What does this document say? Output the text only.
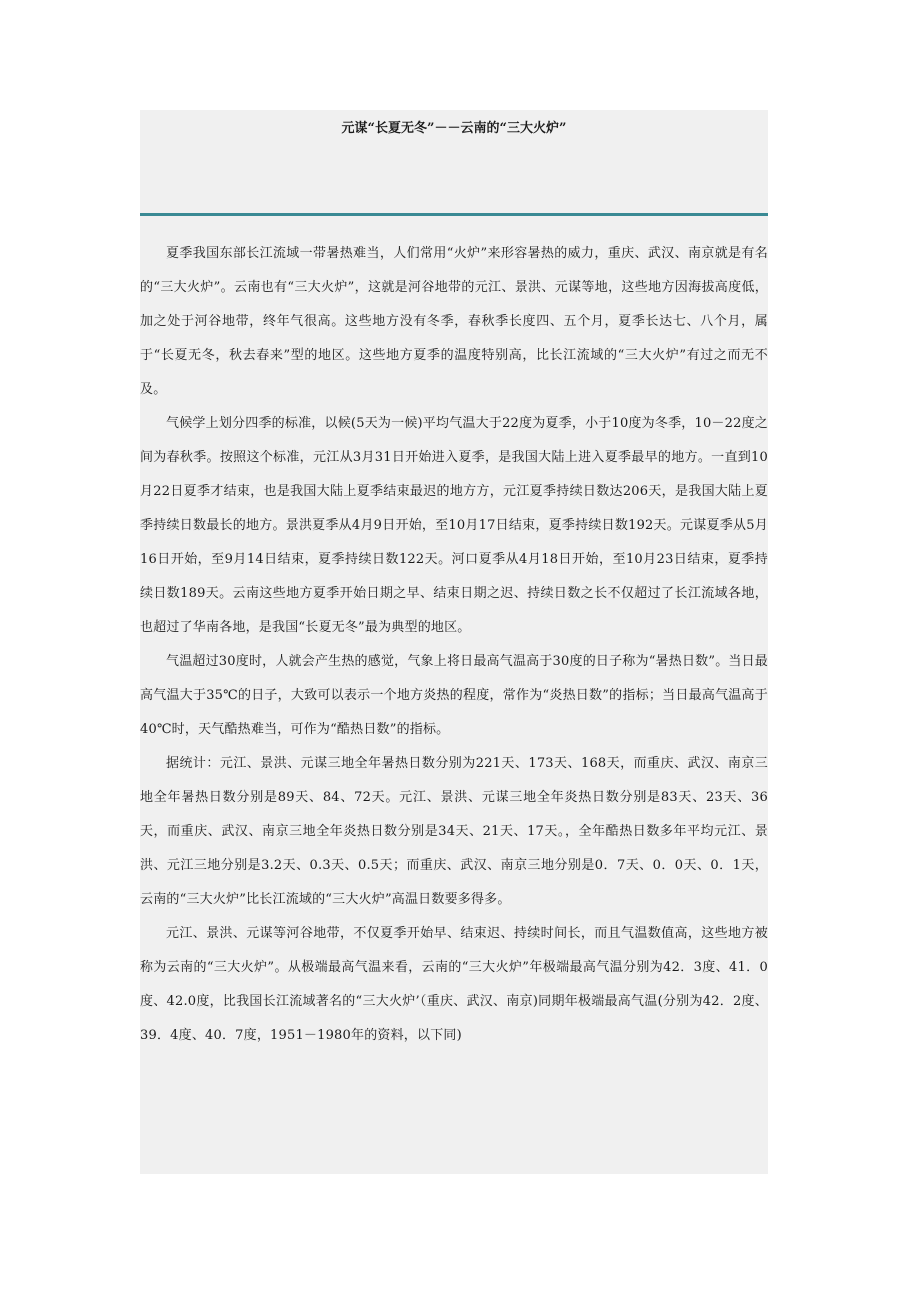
元谋“长夏无冬”－－云南的“三大火炉”

夏季我国东部长江流域一带暑热难当，人们常用“火炉”来形容暑热的威力，重庆、武汉、南京就是有名的“三大火炉”。云南也有“三大火炉”，这就是河谷地带的元江、景洪、元谋等地，这些地方因海拔高度低，加之处于河谷地带，终年气很高。这些地方没有冬季，春秋季长度四、五个月，夏季长达七、八个月，属于“长夏无冬，秋去春来”型的地区。这些地方夏季的温度特别高，比长江流域的“三大火炉”有过之而无不及。

气候学上划分四季的标准，以候(5天为一候)平均气温大于22度为夏季，小于10度为冬季，10－22度之间为春秋季。按照这个标准，元江从3月31日开始进入夏季，是我国大陆上进入夏季最早的地方。一直到10月22日夏季才结束，也是我国大陆上夏季结束最迟的地方方，元江夏季持续日数达206天，是我国大陆上夏季持续日数最长的地方。景洪夏季从4月9日开始，至10月17日结束，夏季持续日数192天。元谋夏季从5月16日开始，至9月14日结束，夏季持续日数122天。河口夏季从4月18日开始，至10月23日结束，夏季持续日数189天。云南这些地方夏季开始日期之早、结束日期之迟、持续日数之长不仅超过了长江流域各地，也超过了华南各地，是我国“长夏无冬”最为典型的地区。

气温超过30度时，人就会产生热的感觉，气象上将日最高气温高于30度的日子称为“暑热日数”。当日最高气温大于35℃的日子，大致可以表示一个地方炎热的程度，常作为“炎热日数”的指标；当日最高气温高于40℃时，天气酷热难当，可作为“酷热日数”的指标。

据统计：元江、景洪、元谋三地全年暑热日数分别为221天、173天、168天，而重庆、武汉、南京三地全年暑热日数分别是89天、84、72天。元江、景洪、元谋三地全年炎热日数分别是83天、23天、36天，而重庆、武汉、南京三地全年炎热日数分别是34天、21天、17天。，全年酷热日数多年平均元江、景洪、元江三地分别是3.2天、0.3天、0.5天；而重庆、武汉、南京三地分别是0．7天、0．0天、0．1天，云南的“三大火炉”比长江流域的“三大火炉”高温日数要多得多。

元江、景洪、元谋等河谷地带，不仅夏季开始早、结束迟、持续时间长，而且气温数值高，这些地方被称为云南的“三大火炉”。从极端最高气温来看，云南的“三大火炉”年极端最高气温分别为42．3度、41．0度、42.0度，比我国长江流域著名的“三大火炉’（重庆、武汉、南京)同期年极端最高气温(分别为42．2度、39．4度、40．7度，1951－1980年的资料，以下同)
